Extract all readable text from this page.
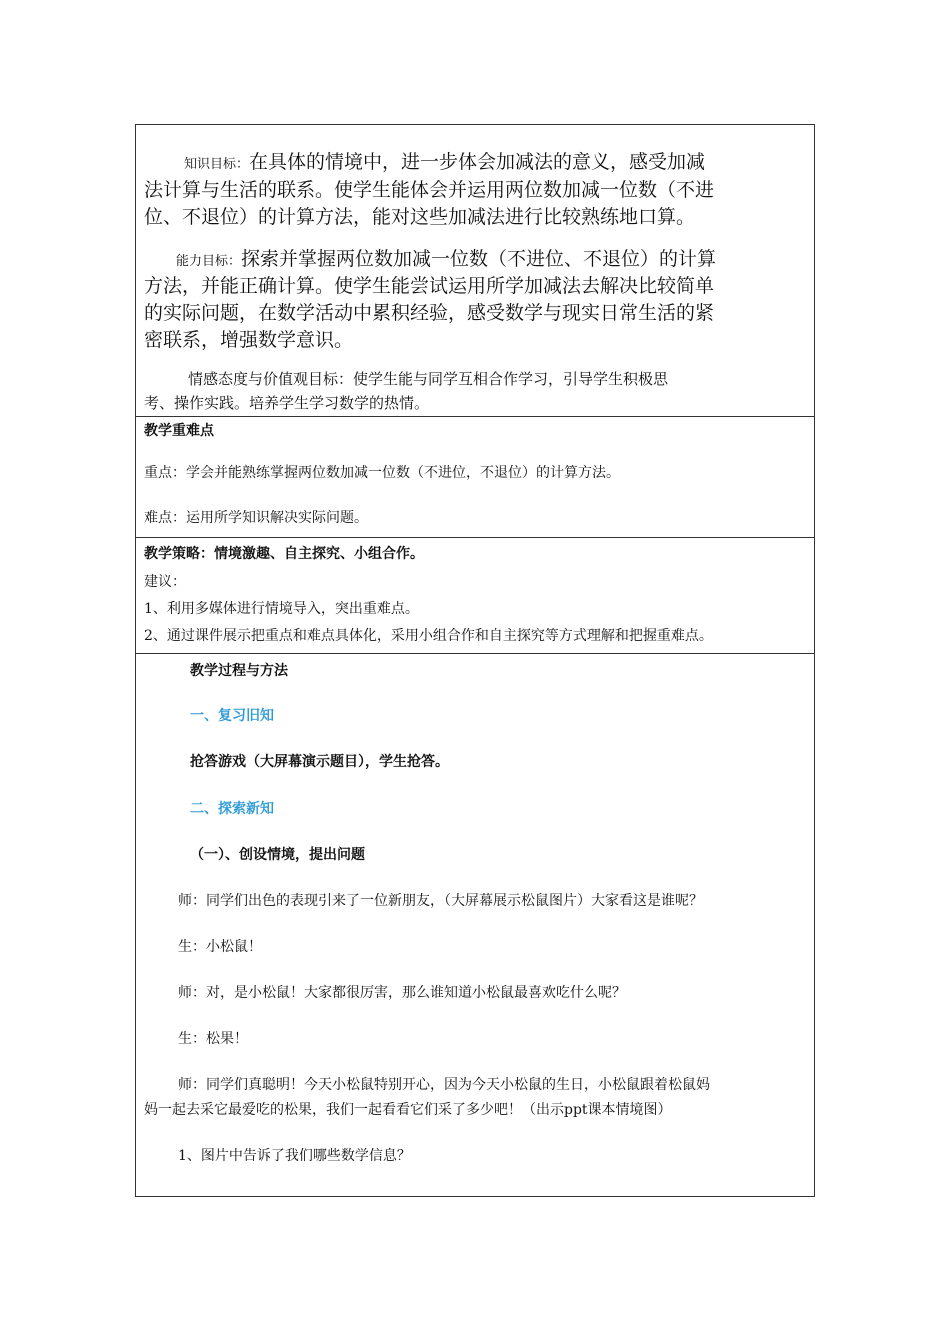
知识目标：在具体的情境中，进一步体会加减法的意义，感受加减
法计算与生活的联系。使学生能体会并运用两位数加减一位数（不进
位、不退位）的计算方法，能对这些加减法进行比较熟练地口算。
能力目标：探索并掌握两位数加减一位数（不进位、不退位）的计算
方法，并能正确计算。使学生能尝试运用所学加减法去解决比较简单
的实际问题，在数学活动中累积经验，感受数学与现实日常生活的紧
密联系，增强数学意识。
情感态度与价值观目标：使学生能与同学互相合作学习，引导学生积极思
考、操作实践。培养学生学习数学的热情。
教学重难点
重点：学会并能熟练掌握两位数加减一位数（不进位，不退位）的计算方法。
难点：运用所学知识解决实际问题。
教学策略：情境激趣、自主探究、小组合作。
建议：
1、利用多媒体进行情境导入，突出重难点。
2、通过课件展示把重点和难点具体化，采用小组合作和自主探究等方式理解和把握重难点。
教学过程与方法
一、复习旧知
抢答游戏（大屏幕演示题目），学生抢答。
二、探索新知
（一）、创设情境，提出问题
师：同学们出色的表现引来了一位新朋友，（大屏幕展示松鼠图片）大家看这是谁呢？
生：小松鼠！
师：对，是小松鼠！大家都很厉害，那么谁知道小松鼠最喜欢吃什么呢？
生：松果！
师：同学们真聪明！今天小松鼠特别开心，因为今天小松鼠的生日，小松鼠跟着松鼠妈
妈一起去采它最爱吃的松果，我们一起看看它们采了多少吧！（出示ppt课本情境图）
1、图片中告诉了我们哪些数学信息？
